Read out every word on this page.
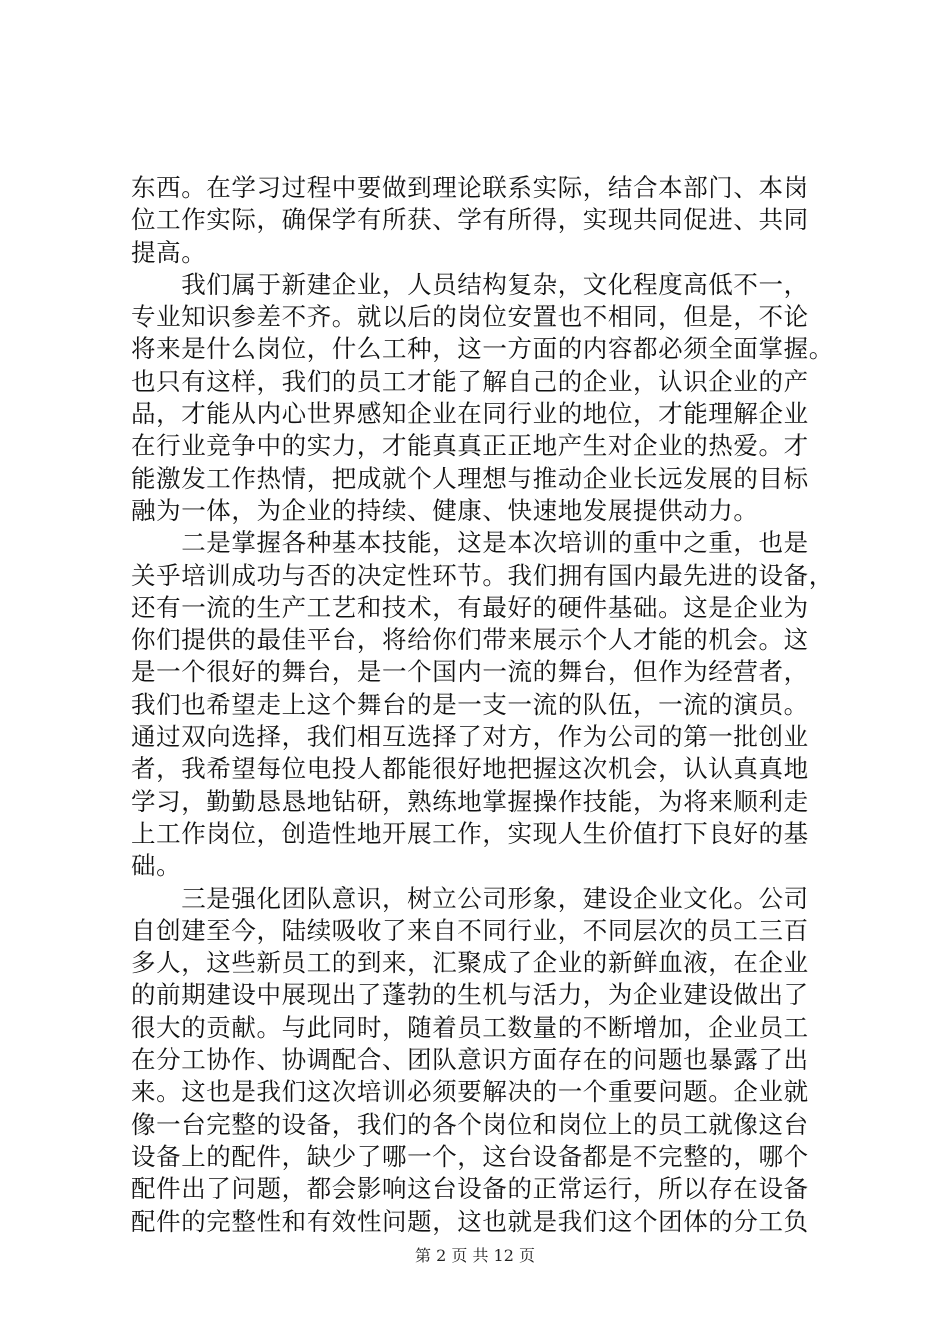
东西。在学习过程中要做到理论联系实际，结合本部门、本岗
位工作实际，确保学有所获、学有所得，实现共同促进、共同
提高。
　　我们属于新建企业，人员结构复杂，文化程度高低不一，
专业知识参差不齐。就以后的岗位安置也不相同，但是，不论
将来是什么岗位，什么工种，这一方面的内容都必须全面掌握。
也只有这样，我们的员工才能了解自己的企业，认识企业的产
品，才能从内心世界感知企业在同行业的地位，才能理解企业
在行业竞争中的实力，才能真真正正地产生对企业的热爱。才
能激发工作热情，把成就个人理想与推动企业长远发展的目标
融为一体，为企业的持续、健康、快速地发展提供动力。
　　二是掌握各种基本技能，这是本次培训的重中之重，也是
关乎培训成功与否的决定性环节。我们拥有国内最先进的设备，
还有一流的生产工艺和技术，有最好的硬件基础。这是企业为
你们提供的最佳平台，将给你们带来展示个人才能的机会。这
是一个很好的舞台，是一个国内一流的舞台，但作为经营者，
我们也希望走上这个舞台的是一支一流的队伍，一流的演员。
通过双向选择，我们相互选择了对方，作为公司的第一批创业
者，我希望每位电投人都能很好地把握这次机会，认认真真地
学习，勤勤恳恳地钻研，熟练地掌握操作技能，为将来顺利走
上工作岗位，创造性地开展工作，实现人生价值打下良好的基
础。
　　三是强化团队意识，树立公司形象，建设企业文化。公司
自创建至今，陆续吸收了来自不同行业，不同层次的员工三百
多人，这些新员工的到来，汇聚成了企业的新鲜血液，在企业
的前期建设中展现出了蓬勃的生机与活力，为企业建设做出了
很大的贡献。与此同时，随着员工数量的不断增加，企业员工
在分工协作、协调配合、团队意识方面存在的问题也暴露了出
来。这也是我们这次培训必须要解决的一个重要问题。企业就
像一台完整的设备，我们的各个岗位和岗位上的员工就像这台
设备上的配件，缺少了哪一个，这台设备都是不完整的，哪个
配件出了问题，都会影响这台设备的正常运行，所以存在设备
配件的完整性和有效性问题，这也就是我们这个团体的分工负
第 2 页 共 12 页
